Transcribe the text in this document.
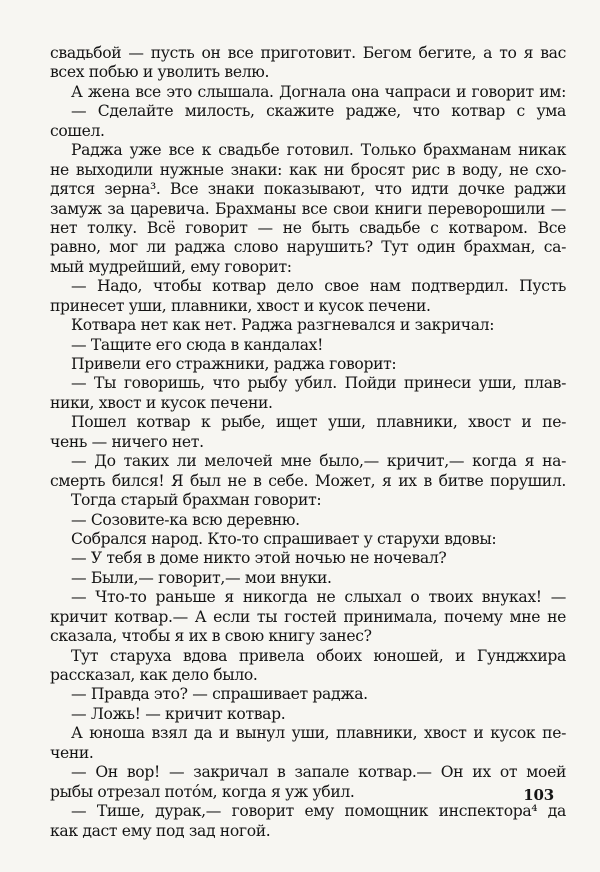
свадьбой — пусть он все приготовит. Бегом бегите, а то я вас
всех побью и уволить велю.
А жена все это слышала. Догнала она чапраси и говорит им:
— Сделайте милость, скажите радже, что котвар с ума
сошел.
Раджа уже все к свадьбе готовил. Только брахманам никак
не выходили нужные знаки: как ни бросят рис в воду, не схо-
дятся зерна³. Все знаки показывают, что идти дочке раджи
замуж за царевича. Брахманы все свои книги переворошили —
нет толку. Всё говорит — не быть свадьбе с котваром. Все
равно, мог ли раджа слово нарушить? Тут один брахман, са-
мый мудрейший, ему говорит:
— Надо, чтобы котвар дело свое нам подтвердил. Пусть
принесет уши, плавники, хвост и кусок печени.
Котвара нет как нет. Раджа разгневался и закричал:
— Тащите его сюда в кандалах!
Привели его стражники, раджа говорит:
— Ты говоришь, что рыбу убил. Пойди принеси уши, плав-
ники, хвост и кусок печени.
Пошел котвар к рыбе, ищет уши, плавники, хвост и пе-
чень — ничего нет.
— До таких ли мелочей мне было,— кричит,— когда я на-
смерть бился! Я был не в себе. Может, я их в битве порушил.
Тогда старый брахман говорит:
— Созовите-ка всю деревню.
Собрался народ. Кто-то спрашивает у старухи вдовы:
— У тебя в доме никто этой ночью не ночевал?
— Были,— говорит,— мои внуки.
— Что-то раньше я никогда не слыхал о твоих внуках! —
кричит котвар.— А если ты гостей принимала, почему мне не
сказала, чтобы я их в свою книгу занес?
Тут старуха вдова привела обоих юношей, и Гунджхира
рассказал, как дело было.
— Правда это? — спрашивает раджа.
— Ложь! — кричит котвар.
А юноша взял да и вынул уши, плавники, хвост и кусок пе-
чени.
— Он вор! — закричал в запале котвар.— Он их от моей
рыбы отрезал потóм, когда я уж убил.
— Тише, дурак,— говорит ему помощник инспектора⁴ да
как даст ему под зад ногой.
103
